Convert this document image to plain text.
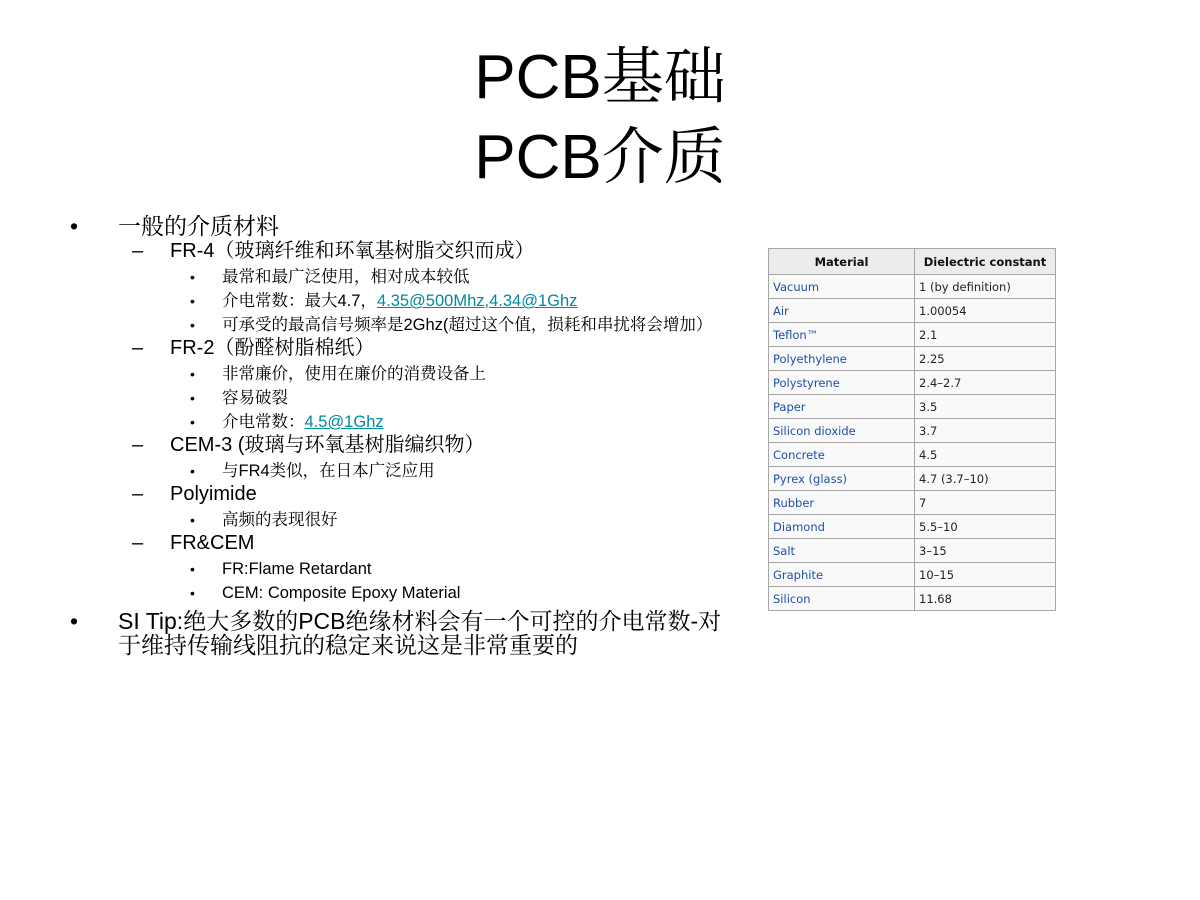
PCB基础
PCB介质
• 一般的介质材料
– FR-4（玻璃纤维和环氧基树脂交织而成）
• 最常和最广泛使用，相对成本较低
• 介电常数：最大4.7，4.35@500Mhz,4.34@1Ghz
• 可承受的最高信号频率是2Ghz(超过这个值，损耗和串扰将会增加）
– FR-2（酚醛树脂棉纸）
• 非常廉价，使用在廉价的消费设备上
• 容易破裂
• 介电常数：4.5@1Ghz
– CEM-3 (玻璃与环氧基树脂编织物）
• 与FR4类似，在日本广泛应用
– Polyimide
• 高频的表现很好
– FR&CEM
• FR:Flame Retardant
• CEM: Composite Epoxy Material
• SI Tip:绝大多数的PCB绝缘材料会有一个可控的介电常数-对于维持传输线阻抗的稳定来说这是非常重要的
Material	Dielectric constant
Vacuum	1 (by definition)
Air	1.00054
Teflon™	2.1
Polyethylene	2.25
Polystyrene	2.4–2.7
Paper	3.5
Silicon dioxide	3.7
Concrete	4.5
Pyrex (glass)	4.7 (3.7–10)
Rubber	7
Diamond	5.5–10
Salt	3–15
Graphite	10–15
Silicon	11.68
